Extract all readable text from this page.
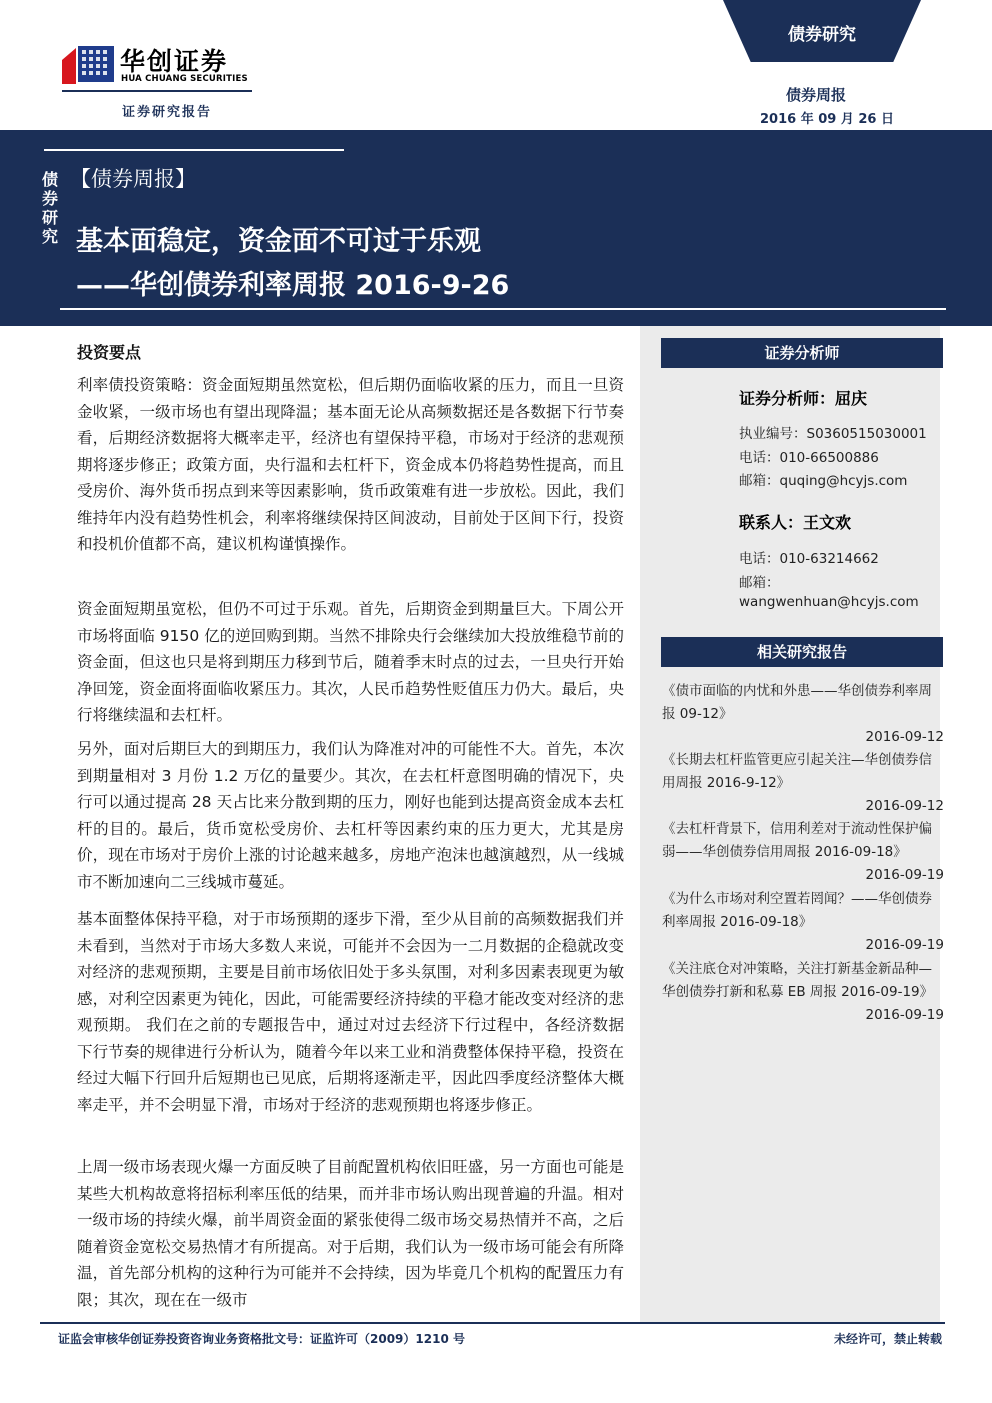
华创证券
HUA CHUANG SECURITIES
证券研究报告
债券研究
债券周报
2016 年 09 月 26 日
债券研究
【债券周报】
基本面稳定，资金面不可过于乐观
——华创债券利率周报 2016-9-26
证券分析师
证券分析师：屈庆
执业编号：S0360515030001
电话：010-66500886
邮箱：quqing@hcyjs.com
联系人：王文欢
电话：010-63214662
邮箱：
wangwenhuan@hcyjs.com
相关研究报告
《债市面临的内忧和外患——华创债券利率周报 09-12》
2016-09-12
《长期去杠杆监管更应引起关注—华创债券信用周报 2016-9-12》
2016-09-12
《去杠杆背景下，信用利差对于流动性保护偏弱——华创债券信用周报 2016-09-18》
2016-09-19
《为什么市场对利空置若罔闻？——华创债券利率周报 2016-09-18》
2016-09-19
《关注底仓对冲策略，关注打新基金新品种— 华创债券打新和私募 EB 周报 2016-09-19》
2016-09-19
投资要点

利率债投资策略：资金面短期虽然宽松，但后期仍面临收紧的压力，而且一旦资金收紧，一级市场也有望出现降温；基本面无论从高频数据还是各数据下行节奏看，后期经济数据将大概率走平，经济也有望保持平稳，市场对于经济的悲观预期将逐步修正；政策方面，央行温和去杠杆下，资金成本仍将趋势性提高，而且受房价、海外货币拐点到来等因素影响，货币政策难有进一步放松。因此，我们维持年内没有趋势性机会，利率将继续保持区间波动，目前处于区间下行，投资和投机价值都不高，建议机构谨慎操作。

资金面短期虽宽松，但仍不可过于乐观。首先，后期资金到期量巨大。下周公开市场将面临 9150 亿的逆回购到期。当然不排除央行会继续加大投放维稳节前的资金面，但这也只是将到期压力移到节后，随着季末时点的过去，一旦央行开始净回笼，资金面将面临收紧压力。其次，人民币趋势性贬值压力仍大。最后，央行将继续温和去杠杆。

另外，面对后期巨大的到期压力，我们认为降准对冲的可能性不大。首先，本次到期量相对 3 月份 1.2 万亿的量要少。其次，在去杠杆意图明确的情况下，央行可以通过提高 28 天占比来分散到期的压力，刚好也能到达提高资金成本去杠杆的目的。最后，货币宽松受房价、去杠杆等因素约束的压力更大，尤其是房价，现在市场对于房价上涨的讨论越来越多，房地产泡沫也越演越烈，从一线城市不断加速向二三线城市蔓延。

基本面整体保持平稳，对于市场预期的逐步下滑，至少从目前的高频数据我们并未看到，当然对于市场大多数人来说，可能并不会因为一二月数据的企稳就改变对经济的悲观预期，主要是目前市场依旧处于多头氛围，对利多因素表现更为敏感，对利空因素更为钝化，因此，可能需要经济持续的平稳才能改变对经济的悲观预期。 我们在之前的专题报告中，通过对过去经济下行过程中，各经济数据下行节奏的规律进行分析认为，随着今年以来工业和消费整体保持平稳，投资在经过大幅下行回升后短期也已见底，后期将逐渐走平，因此四季度经济整体大概率走平，并不会明显下滑，市场对于经济的悲观预期也将逐步修正。

上周一级市场表现火爆一方面反映了目前配置机构依旧旺盛，另一方面也可能是某些大机构故意将招标利率压低的结果，而并非市场认购出现普遍的升温。相对一级市场的持续火爆，前半周资金面的紧张使得二级市场交易热情并不高，之后随着资金宽松交易热情才有所提高。对于后期，我们认为一级市场可能会有所降温，首先部分机构的这种行为可能并不会持续，因为毕竟几个机构的配置压力有限；其次，现在在一级市

证监会审核华创证券投资咨询业务资格批文号：证监许可（2009）1210 号	未经许可，禁止转载
